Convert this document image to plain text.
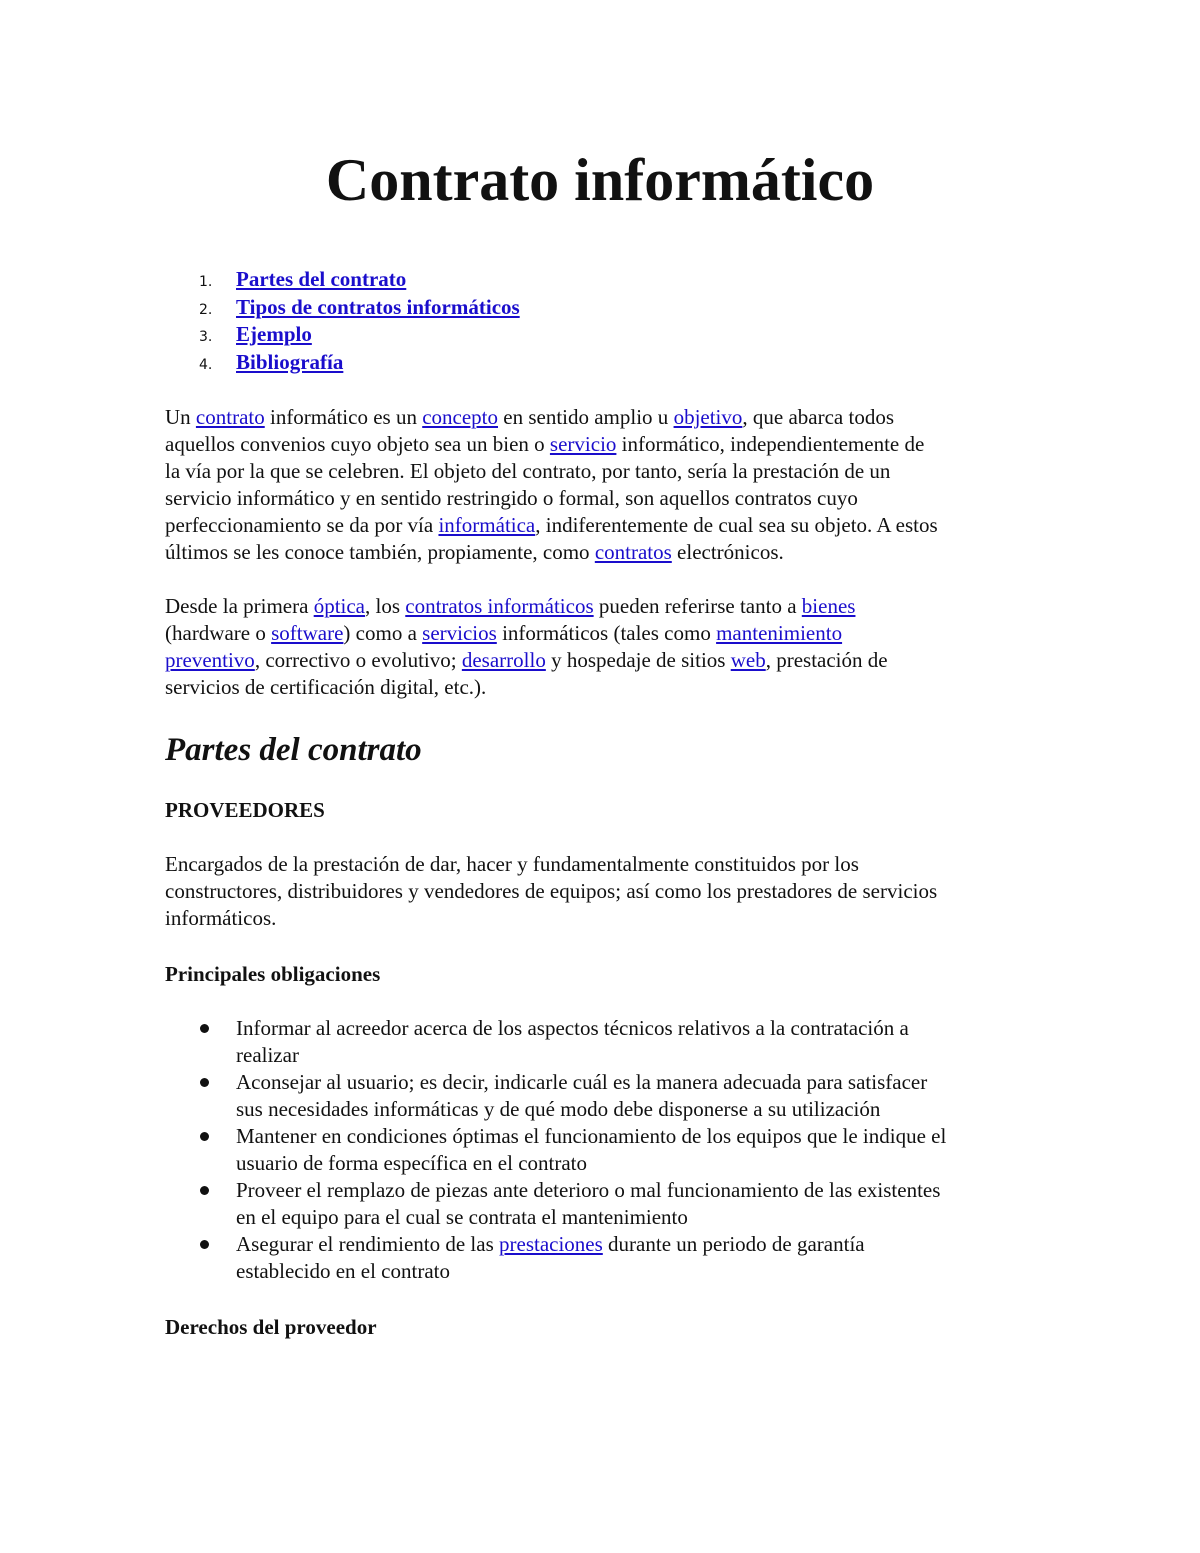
Contrato informático
1. Partes del contrato
2. Tipos de contratos informáticos
3. Ejemplo
4. Bibliografía

Un contrato informático es un concepto en sentido amplio u objetivo, que abarca todos
aquellos convenios cuyo objeto sea un bien o servicio informático, independientemente de
la vía por la que se celebren. El objeto del contrato, por tanto, sería la prestación de un
servicio informático y en sentido restringido o formal, son aquellos contratos cuyo
perfeccionamiento se da por vía informática, indiferentemente de cual sea su objeto. A estos
últimos se les conoce también, propiamente, como contratos electrónicos.

Desde la primera óptica, los contratos informáticos pueden referirse tanto a bienes
(hardware o software) como a servicios informáticos (tales como mantenimiento
preventivo, correctivo o evolutivo; desarrollo y hospedaje de sitios web, prestación de
servicios de certificación digital, etc.).

Partes del contrato
PROVEEDORES

Encargados de la prestación de dar, hacer y fundamentalmente constituidos por los
constructores, distribuidores y vendedores de equipos; así como los prestadores de servicios
informáticos.

Principales obligaciones
Informar al acreedor acerca de los aspectos técnicos relativos a la contratación a
realizar
Aconsejar al usuario; es decir, indicarle cuál es la manera adecuada para satisfacer
sus necesidades informáticas y de qué modo debe disponerse a su utilización
Mantener en condiciones óptimas el funcionamiento de los equipos que le indique el
usuario de forma específica en el contrato
Proveer el remplazo de piezas ante deterioro o mal funcionamiento de las existentes
en el equipo para el cual se contrata el mantenimiento
Asegurar el rendimiento de las prestaciones durante un periodo de garantía
establecido en el contrato
Derechos del proveedor
